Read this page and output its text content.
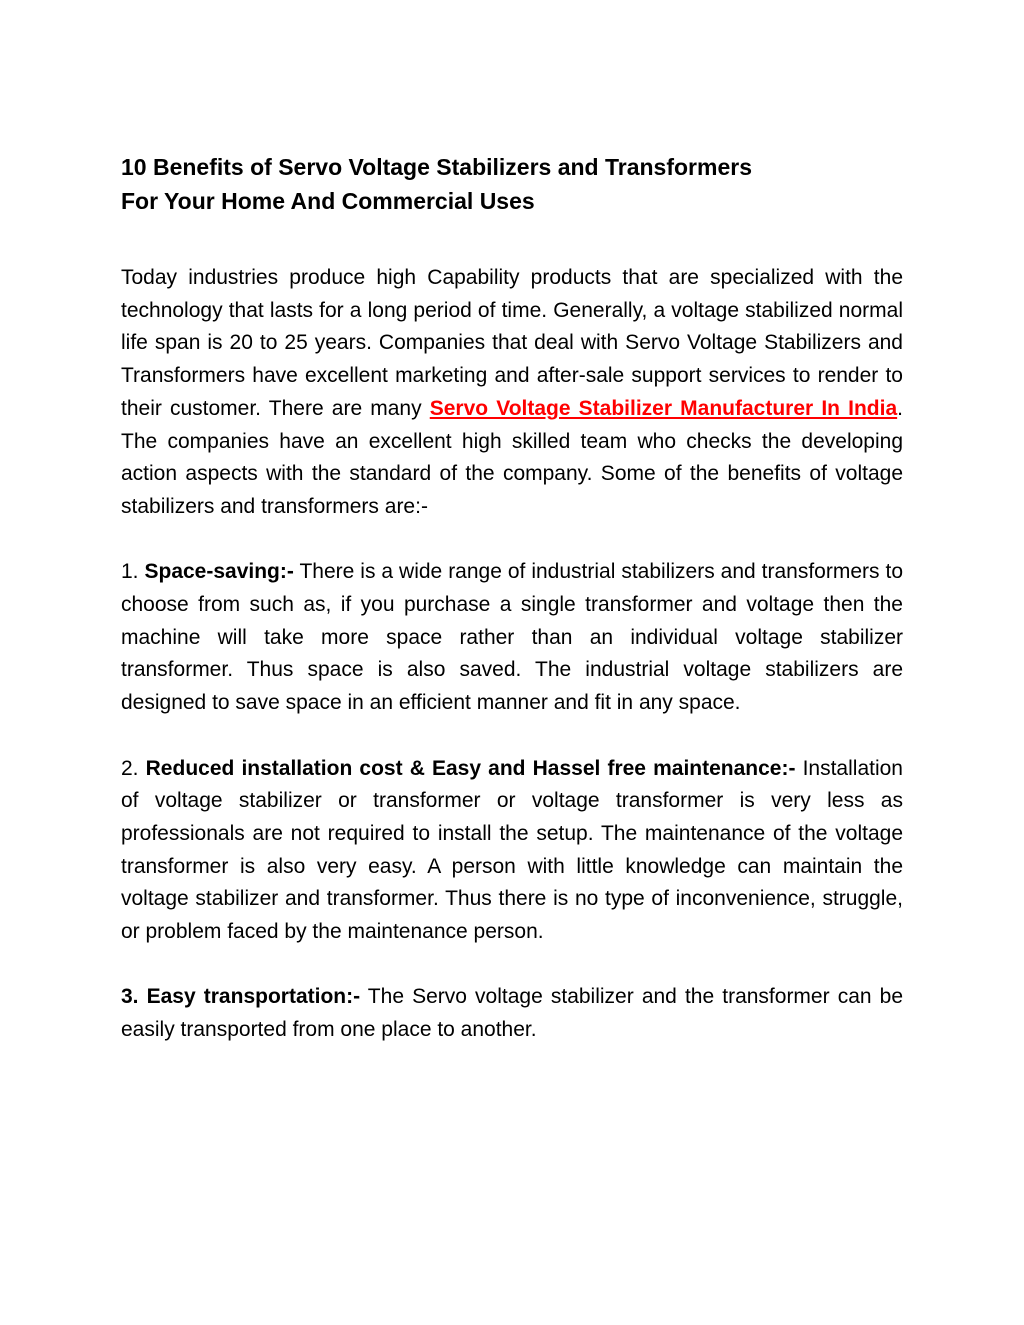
10 Benefits of Servo Voltage Stabilizers and Transformers
For Your Home And Commercial Uses

Today industries produce high Capability products that are specialized with the technology that lasts for a long period of time. Generally, a voltage stabilized normal life span is 20 to 25 years. Companies that deal with Servo Voltage Stabilizers and Transformers have excellent marketing and after-sale support services to render to their customer. There are many Servo Voltage Stabilizer Manufacturer In India. The companies have an excellent high skilled team who checks the developing action aspects with the standard of the company. Some of the benefits of voltage stabilizers and transformers are:-

1. Space-saving:- There is a wide range of industrial stabilizers and transformers to choose from such as, if you purchase a single transformer and voltage then the machine will take more space rather than an individual voltage stabilizer transformer. Thus space is also saved. The industrial voltage stabilizers are designed to save space in an efficient manner and fit in any space.

2. Reduced installation cost & Easy and Hassel free maintenance:- Installation of voltage stabilizer or transformer or voltage transformer is very less as professionals are not required to install the setup. The maintenance of the voltage transformer is also very easy. A person with little knowledge can maintain the voltage stabilizer and transformer. Thus there is no type of inconvenience, struggle, or problem faced by the maintenance person.

3. Easy transportation:- The Servo voltage stabilizer and the transformer can be easily transported from one place to another.
